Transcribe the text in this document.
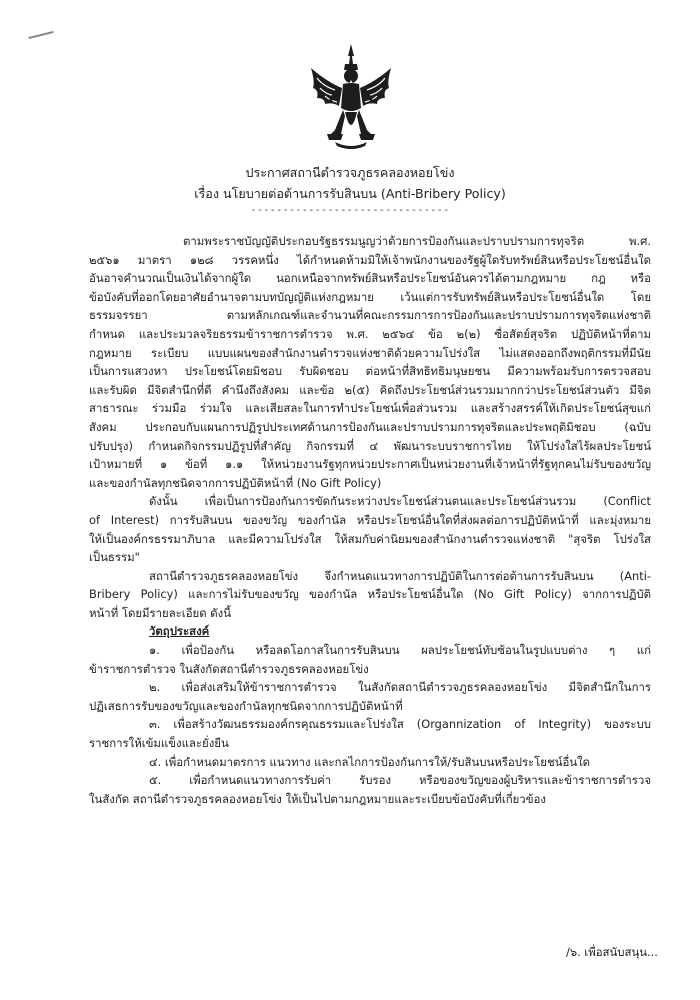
ประกาศสถานีตำรวจภูธรคลองหอยโข่ง
เรื่อง นโยบายต่อต้านการรับสินบน (Anti-Bribery Policy)
-------------------------------
ตามพระราชบัญญัติประกอบรัฐธรรมนูญว่าด้วยการป้องกันและปราบปรามการทุจริต พ.ศ.
๒๕๖๑ มาตรา ๑๒๘ วรรคหนึ่ง ได้กำหนดห้ามมิให้เจ้าพนักงานของรัฐผู้ใดรับทรัพย์สินหรือประโยชน์อื่นใด
อันอาจคำนวณเป็นเงินได้จากผู้ใด นอกเหนือจากทรัพย์สินหรือประโยชน์อันควรได้ตามกฎหมาย กฎ หรือ
ข้อบังคับที่ออกโดยอาศัยอำนาจตามบทบัญญัติแห่งกฎหมาย เว้นแต่การรับทรัพย์สินหรือประโยชน์อื่นใด โดย
ธรรมจรรยา ตามหลักเกณฑ์และจำนวนที่คณะกรรมการการป้องกันและปราบปรามการทุจริตแห่งชาติ
กำหนด และประมวลจริยธรรมข้าราชการตำรวจ พ.ศ. ๒๕๖๔ ข้อ ๒(๒) ซื่อสัตย์สุจริต ปฏิบัติหน้าที่ตาม
กฎหมาย ระเบียบ แบบแผนของสำนักงานตำรวจแห่งชาติด้วยความโปร่งใส ไม่แสดงออกถึงพฤติกรรมที่มีนัย
เป็นการแสวงหา ประโยชน์โดยมิชอบ รับผิดชอบ ต่อหน้าที่สิทธิทธิมนุษยชน มีความพร้อมรับการตรวจสอบ
และรับผิด มีจิตสำนึกที่ดี คำนึงถึงสังคม และข้อ ๒(๕) คิดถึงประโยชน์ส่วนรวมมากกว่าประโยชน์ส่วนตัว มีจิต
สาธารณะ ร่วมมือ ร่วมใจ และเสียสละในการทำประโยชน์เพื่อส่วนรวม และสร้างสรรค์ให้เกิดประโยชน์สุขแก่
สังคม ประกอบกับแผนการปฏิรูปประเทศด้านการป้องกันและปราบปรามการทุจริตและประพฤติมิชอบ (ฉบับ
ปรับปรุง) กำหนดกิจกรรมปฏิรูปที่สำคัญ กิจกรรมที่ ๔ พัฒนาระบบราชการไทย ให้โปร่งใสไร้ผลประโยชน์
เป้าหมายที่ ๑ ข้อที่ ๑.๑ ให้หน่วยงานรัฐทุกหน่วยประกาศเป็นหน่วยงานที่เจ้าหน้าที่รัฐทุกคนไม่รับของขวัญ
และของกำนัลทุกชนิดจากการปฏิบัติหน้าที่ (No Gift Policy)
ดังนั้น เพื่อเป็นการป้องกันการขัดกันระหว่างประโยชน์ส่วนตนและประโยชน์ส่วนรวม (Conflict
of Interest) การรับสินบน ของขวัญ ของกำนัล หรือประโยชน์อื่นใดที่ส่งผลต่อการปฏิบัติหน้าที่ และมุ่งหมาย
ให้เป็นองค์กรธรรมาภิบาล และมีความโปร่งใส ให้สมกับค่านิยมของสำนักงานตำรวจแห่งชาติ "สุจริต โปร่งใส
เป็นธรรม"
สถานีตำรวจภูธรคลองหอยโข่ง จึงกำหนดแนวทางการปฏิบัติในการต่อต้านการรับสินบน (Anti-
Bribery Policy) และการไม่รับของขวัญ ของกำนัล หรือประโยชน์อื่นใด (No Gift Policy) จากการปฏิบัติ
หน้าที่ โดยมีรายละเอียด ดังนี้
วัตถุประสงค์
๑. เพื่อป้องกัน หรือลดโอกาสในการรับสินบน ผลประโยชน์ทับซ้อนในรูปแบบต่าง ๆ แก่
ข้าราชการตำรวจ ในสังกัดสถานีตำรวจภูธรคลองหอยโข่ง
๒. เพื่อส่งเสริมให้ข้าราชการตำรวจ ในสังกัดสถานีตำรวจภูธรคลองหอยโข่ง มีจิตสำนึกในการ
ปฏิเสธการรับของขวัญและของกำนัลทุกชนิดจากการปฏิบัติหน้าที่
๓. เพื่อสร้างวัฒนธรรมองค์กรคุณธรรมและโปร่งใส (Organnization of Integrity) ของระบบ
ราชการให้เข้มแข็งและยั่งยืน
๔. เพื่อกำหนดมาตรการ แนวทาง และกลไกการป้องกันการให้/รับสินบนหรือประโยชน์อื่นใด
๕. เพื่อกำหนดแนวทางการรับค่า รับรอง หรือของขวัญของผู้บริหารและข้าราชการตำรวจ
ในสังกัด สถานีตำรวจภูธรคลองหอยโข่ง ให้เป็นไปตามกฎหมายและระเบียบข้อบังคับที่เกี่ยวข้อง
/๖. เพื่อสนับสนุน...
